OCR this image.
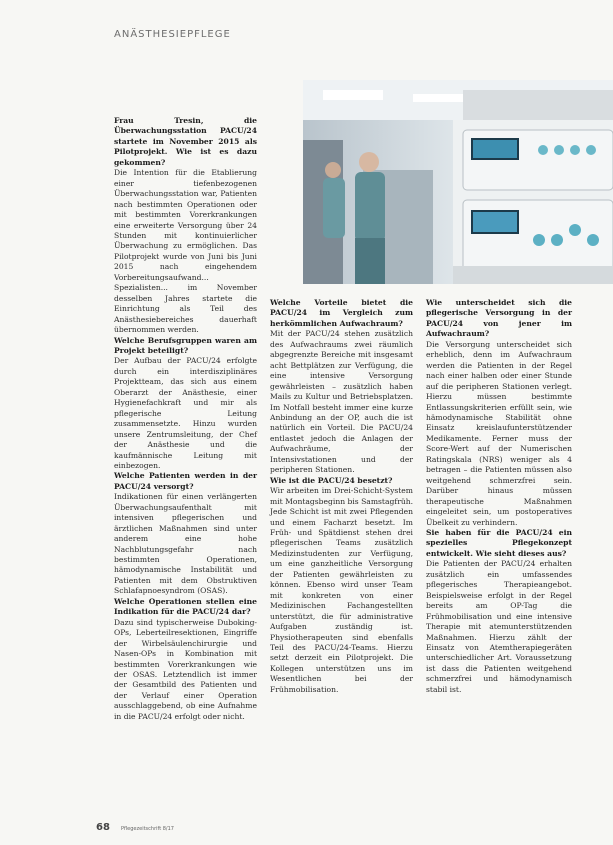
ANÄSTHESIEPFLEGE

Frau Tresin, die Überwachungsstation PACU/24 startete im November 2015 als Pilotprojekt. Wie ist es dazu gekommen?

Die Intention für die Etablierung einer tiefenbezogenen Überwachungsstation war, Patienten nach bestimmten Operationen oder mit bestimmten Vorerkrankungen eine erweiterte Versorgung über 24 Stunden mit kontinuierlicher Überwachung zu ermöglichen. Das Pilotprojekt wurde von Juni bis Juni 2015 nach eingehendem Vorbereitungsaufwand... Spezialisten... im November desselben Jahres startete die Einrichtung als Teil des Anästhesiebereiches dauerhaft übernommen werden.

Welche Berufsgruppen waren am Projekt beteiligt?

Der Aufbau der PACU/24 erfolgte durch ein interdisziplinäres Projektteam, das sich aus einem Oberarzt der Anästhesie, einer Hygienefachkraft und mir als pflegerische Leitung zusammensetzte. Hinzu wurden unsere Zentrumsleitung, der Chef der Anästhesie und die kaufmännische Leitung mit einbezogen.

Welche Patienten werden in der PACU/24 versorgt?

Indikationen für einen verlängerten Überwachungsaufenthalt mit intensiven pflegerischen und ärztlichen Maßnahmen sind unter anderem eine hohe Nachblutungsgefahr nach bestimmten Operationen, hämodynamische Instabilität und Patienten mit dem Obstruktiven Schlafapnoesyndrom (OSAS).

Welche Operationen stellen eine Indikation für die PACU/24 dar?

Dazu sind typischerweise Duboking-OPs, Leberteilresektionen, Eingriffe der Wirbelsäulenchirurgie und Nasen-OPs in Kombination mit bestimmten Vorerkrankungen wie der OSAS. Letztendlich ist immer der Gesamtbild des Patienten und der Verlauf einer Operation ausschlaggebend, ob eine Aufnahme in die PACU/24 erfolgt oder nicht.

Welche Vorteile bietet die PACU/24 im Vergleich zum herkömmlichen Aufwachraum?

Mit der PACU/24 stehen zusätzlich des Aufwachraums zwei räumlich abgegrenzte Bereiche mit insgesamt acht Bettplätzen zur Verfügung, die eine intensive Versorgung gewährleisten – zusätzlich haben Mails zu Kultur und Betriebsplatzen. Im Notfall besteht immer eine kurze Anbindung an der OP, auch die ist natürlich ein Vorteil. Die PACU/24 entlastet jedoch die Anlagen der Aufwachräume, der Intensivstationen und der peripheren Stationen.

Wie ist die PACU/24 besetzt?

Wir arbeiten im Drei-Schicht-System mit Montagsbeginn bis Samstagfrüh. Jede Schicht ist mit zwei Pflegenden und einem Facharzt besetzt. Im Früh- und Spätdienst stehen drei pflegerischen Teams zusätzlich Medizinstudenten zur Verfügung, um eine ganzheitliche Versorgung der Patienten gewährleisten zu können. Ebenso wird unser Team mit konkreten von einer Medizinischen Fachangestellten unterstützt, die für administrative Aufgaben zuständig ist. Physiotherapeuten sind ebenfalls Teil des PACU/24-Teams. Hierzu setzt derzeit ein Pilotprojekt. Die Kollegen unterstützen uns im Wesentlichen bei der Frühmobilisation.

Wie unterscheidet sich die pflegerische Versorgung in der PACU/24 von jener im Aufwachraum?

Die Versorgung unterscheidet sich erheblich, denn im Aufwachraum werden die Patienten in der Regel nach einer halben oder einer Stunde auf die peripheren Stationen verlegt. Hierzu müssen bestimmte Entlassungskriterien erfüllt sein, wie hämodynamische Stabilität ohne Einsatz kreislaufunterstützender Medikamente. Ferner muss der Score-Wert auf der Numerischen Ratingskala (NRS) weniger als 4 betragen – die Patienten müssen also weitgehend schmerzfrei sein. Darüber hinaus müssen therapeutische Maßnahmen eingeleitet sein, um postoperatives Übelkeit zu verhindern.

Sie haben für die PACU/24 ein spezielles Pflegekonzept entwickelt. Wie sieht dieses aus?

Die Patienten der PACU/24 erhalten zusätzlich ein umfassendes pflegerisches Therapieangebot. Beispielsweise erfolgt in der Regel bereits am OP-Tag die Frühmobilisation und eine intensive Therapie mit atemunterstützenden Maßnahmen. Hierzu zählt der Einsatz von Atemtherapiegeräten unterschiedlicher Art. Voraussetzung ist dass die Patienten weitgehend schmerzfrei und hämodynamisch stabil ist.

68 Pflegezeitschrift 8/17
